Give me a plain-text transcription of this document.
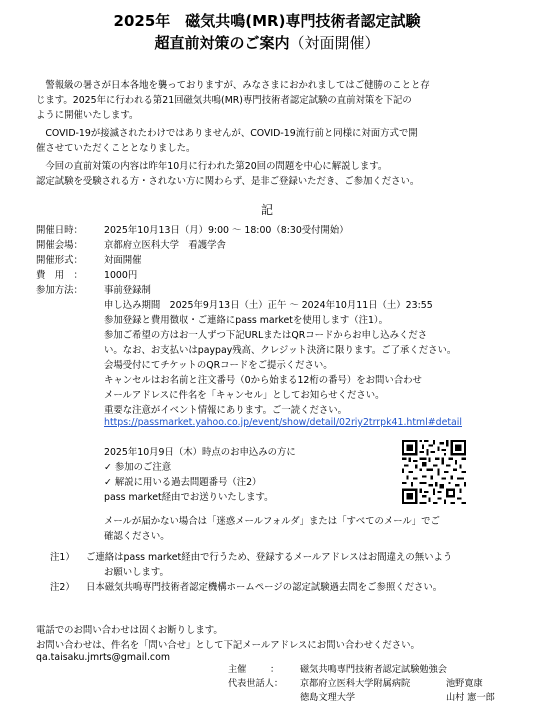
2025年　磁気共鳴(MR)専門技術者認定試験
超直前対策のご案内（対面開催）
　警報級の暑さが日本各地を襲っておりますが、みなさまにおかれましてはご健勝のことと存
じます。2025年に行われる第21回磁気共鳴(MR)専門技術者認定試験の直前対策を下記の
ように開催いたします。
　COVID-19が接滅されたわけではありませんが、COVID-19流行前と同様に対面方式で開
催させていただくこととなりました。
　今回の直前対策の内容は昨年10月に行われた第20回の問題を中心に解説します。
認定試験を受験される方・されない方に関わらず、是非ご登録いただき、ご参加ください。
記
開催日時： 2025年10月13日（月）9:00 〜 18:00（8:30受付開始）
開催会場： 京都府立医科大学　看護学舎
開催形式： 対面開催
費　用　： 1000円
参加方法： 事前登録制
申し込み期間　2025年9月13日（土）正午 〜 2024年10月11日（土）23:55
参加登録と費用徴収・ご連絡にpass marketを使用します（注1）。
参加ご希望の方はお一人ずつ下記URLまたはQRコードからお申し込みくださ
い。なお、お支払いはpaypay残高、クレジット決済に限ります。ご了承ください。
会場受付にてチケットのQRコードをご提示ください。
キャンセルはお名前と注文番号（0から始まる12桁の番号）をお問い合わせ
メールアドレスに件名を「キャンセル」としてお知らせください。
重要な注意がイベント情報にあります。ご一読ください。
https://passmarket.yahoo.co.jp/event/show/detail/02riy2trrpk41.html#detail
2025年10月9日（木）時点のお申込みの方に
✓ 参加のご注意
✓ 解説に用いる過去問題番号（注2）
pass market経由でお送りいたします。
メールが届かない場合は「迷惑メールフォルダ」または「すべてのメール」でご
確認ください。
注1） ご連絡はpass market経由で行うため、登録するメールアドレスはお間違えの無いよう
お願いします。
注2） 日本磁気共鳴専門技術者認定機構ホームページの認定試験過去問をご参照ください。
電話でのお問い合わせは固くお断りします。
お問い合わせは、件名を「問い合せ」として下記メールアドレスにお問い合わせください。
qa.taisaku.jmrts@gmail.com
主催	： 磁気共鳴専門技術者認定試験勉強会
代表世話人： 京都府立医科大学附属病院	池野寛康
徳島文理大学	山村 憲一郎
